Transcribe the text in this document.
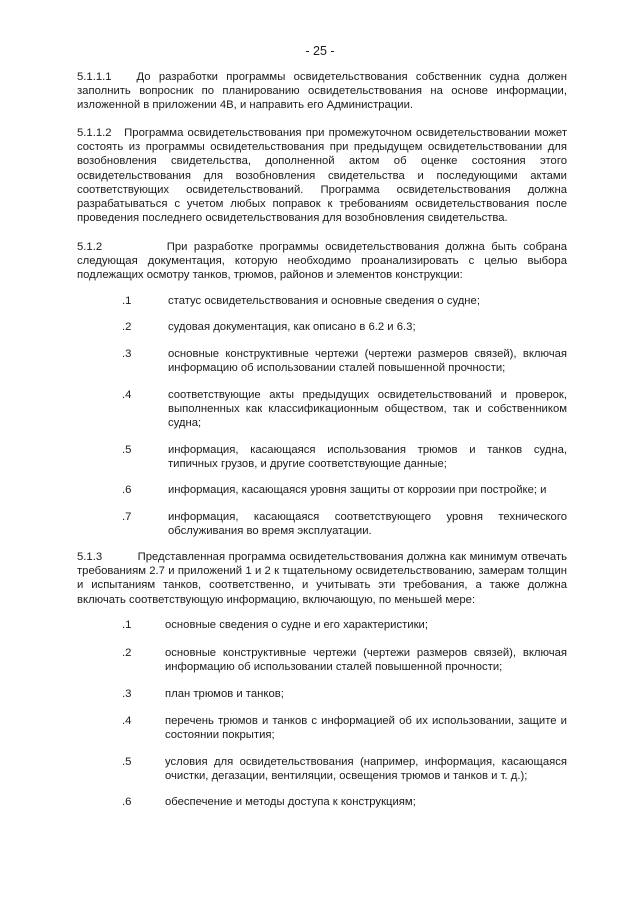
- 25 -

5.1.1.1 До разработки программы освидетельствования собственник судна должен заполнить вопросник по планированию освидетельствования на основе информации, изложенной в приложении 4В, и направить его Администрации.

5.1.1.2 Программа освидетельствования при промежуточном освидетельствовании может состоять из программы освидетельствования при предыдущем освидетельствовании для возобновления свидетельства, дополненной актом об оценке состояния этого освидетельствования для возобновления свидетельства и последующими актами соответствующих освидетельствований. Программа освидетельствования должна разрабатываться с учетом любых поправок к требованиям освидетельствования после проведения последнего освидетельствования для возобновления свидетельства.

5.1.2	При разработке программы освидетельствования должна быть собрана следующая документация, которую необходимо проанализировать с целью выбора подлежащих осмотру танков, трюмов, районов и элементов конструкции:

.1	статус освидетельствования и основные сведения о судне;

.2	судовая документация, как описано в 6.2 и 6.3;

.3	основные конструктивные чертежи (чертежи размеров связей), включая информацию об использовании сталей повышенной прочности;

.4	соответствующие акты предыдущих освидетельствований и проверок, выполненных как классификационным обществом, так и собственником судна;

.5	информация, касающаяся использования трюмов и танков судна, типичных грузов, и другие соответствующие данные;

.6	информация, касающаяся уровня защиты от коррозии при постройке; и

.7	информация, касающаяся соответствующего уровня технического обслуживания во время эксплуатации.

5.1.3	Представленная программа освидетельствования должна как минимум отвечать требованиям 2.7 и приложений 1 и 2 к тщательному освидетельствованию, замерам толщин и испытаниям танков, соответственно, и учитывать эти требования, а также должна включать соответствующую информацию, включающую, по меньшей мере:

.1	основные сведения о судне и его характеристики;

.2	основные конструктивные чертежи (чертежи размеров связей), включая информацию об использовании сталей повышенной прочности;

.3	план трюмов и танков;

.4	перечень трюмов и танков с информацией об их использовании, защите и состоянии покрытия;

.5	условия для освидетельствования (например, информация, касающаяся очистки, дегазации, вентиляции, освещения трюмов и танков и т. д.);

.6	обеспечение и методы доступа к конструкциям;
